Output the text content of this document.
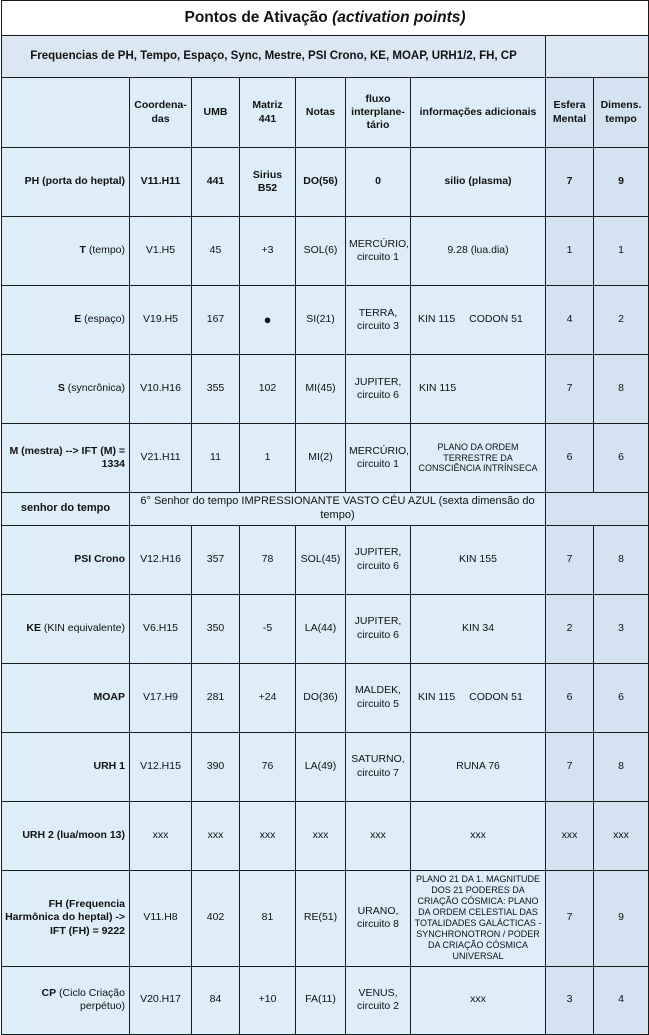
Pontos de Ativação (activation points)								
Frequencias de PH, Tempo, Espaço, Sync, Mestre, PSI Crono, KE, MOAP, URH1/2, FH, CP								
	Coordena-das	UMB	Matriz 441	Notas	fluxo interplane-tário	informações adicionais	Esfera Mental	Dimens. tempo
PH (porta do heptal)	V11.H11	441	Sirius B52	DO(56)	0	silio (plasma)	7	9
T (tempo)	V1.H5	45	+3	SOL(6)	MERCÚRIO, circuito 1	9.28 (lua.dia)	1	1
E (espaço)	V19.H5	167	●	SI(21)	TERRA, circuito 3	KIN 115 CODON 51	4	2
S (syncrônica)	V10.H16	355	102	MI(45)	JUPITER, circuito 6	KIN 115	7	8
M (mestra) --> IFT (M) = 1334	V21.H11	11	1	MI(2)	MERCÚRIO, circuito 1	PLANO DA ORDEM TERRESTRE DA CONSCIÊNCIA INTRÍNSECA	6	6
senhor do tempo	6° Senhor do tempo IMPRESSIONANTE VASTO CÉU AZUL (sexta dimensão do tempo)							
PSI Crono	V12.H16	357	78	SOL(45)	JUPITER, circuito 6	KIN 155	7	8
KE (KIN equivalente)	V6.H15	350	-5	LA(44)	JUPITER, circuito 6	KIN 34	2	3
MOAP	V17.H9	281	+24	DO(36)	MALDEK, circuito 5	KIN 115 CODON 51	6	6
URH 1	V12.H15	390	76	LA(49)	SATURNO, circuito 7	RUNA 76	7	8
URH 2 (lua/moon 13)	xxx	xxx	xxx	xxx	xxx	xxx	xxx	xxx
FH (Frequencia Harmônica do heptal) -> IFT (FH) = 9222	V11.H8	402	81	RE(51)	URANO, circuito 8	PLANO 21 DA 1. MAGNITUDE DOS 21 PODERES DA CRIAÇÃO CÓSMICA: PLANO DA ORDEM CELESTIAL DAS TOTALIDADES GALÁCTICAS - SYNCHRONOTRON / PODER DA CRIAÇÃO CÓSMICA UNIVERSAL	7	9
CP (Ciclo Criação perpétuo)	V20.H17	84	+10	FA(11)	VENUS, circuito 2	xxx	3	4
